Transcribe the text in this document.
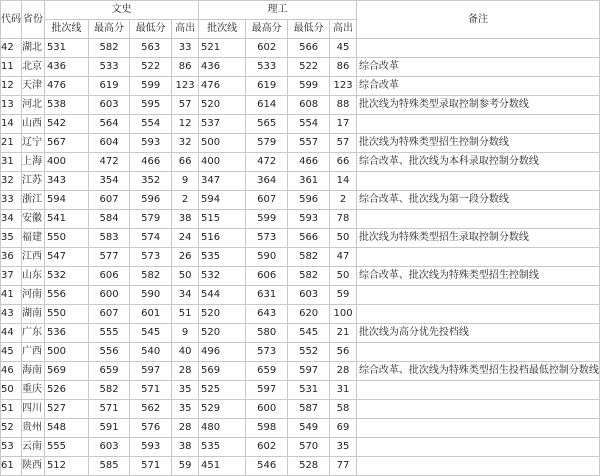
代码	省份	文史				理工				备注
		批次线	最高分	最低分	高出	批次线	最高分	最低分	高出	
42	湖北	531	582	563	33	521	602	566	45	
11	北京	436	533	522	86	436	533	522	86	综合改革
12	天津	476	619	599	123	476	619	599	123	综合改革
13	河北	538	603	595	57	520	614	608	88	批次线为特殊类型录取控制参考分数线
14	山西	542	564	554	12	537	565	554	17	
21	辽宁	567	604	593	32	500	579	557	57	批次线为特殊类型招生控制分数线
31	上海	400	472	466	66	400	472	466	66	综合改革、批次线为本科录取控制分数线
32	江苏	343	354	352	9	347	364	361	14	
33	浙江	594	607	596	2	594	607	596	2	综合改革、批次线为第一段分数线
34	安徽	541	584	579	38	515	599	593	78	
35	福建	550	583	574	24	516	573	566	50	批次线为特殊类型招生录取控制分数线
36	江西	547	577	573	26	535	590	582	47	
37	山东	532	606	582	50	532	606	582	50	综合改革、批次线为特殊类型招生控制线
41	河南	556	600	590	34	544	631	603	59	
43	湖南	550	607	601	51	520	643	620	100	
44	广东	536	555	545	9	520	580	545	21	批次线为高分优先投档线
45	广西	500	556	540	40	496	573	552	56	
46	海南	569	659	597	28	569	659	597	28	综合改革、批次线为特殊类型招生投档最低控制分数线
50	重庆	526	582	571	35	525	597	531	31	
51	四川	527	571	562	35	529	600	587	58	
52	贵州	548	591	576	28	480	598	549	69	
53	云南	555	603	593	38	535	602	570	35	
61	陕西	512	585	571	59	451	546	528	77	
